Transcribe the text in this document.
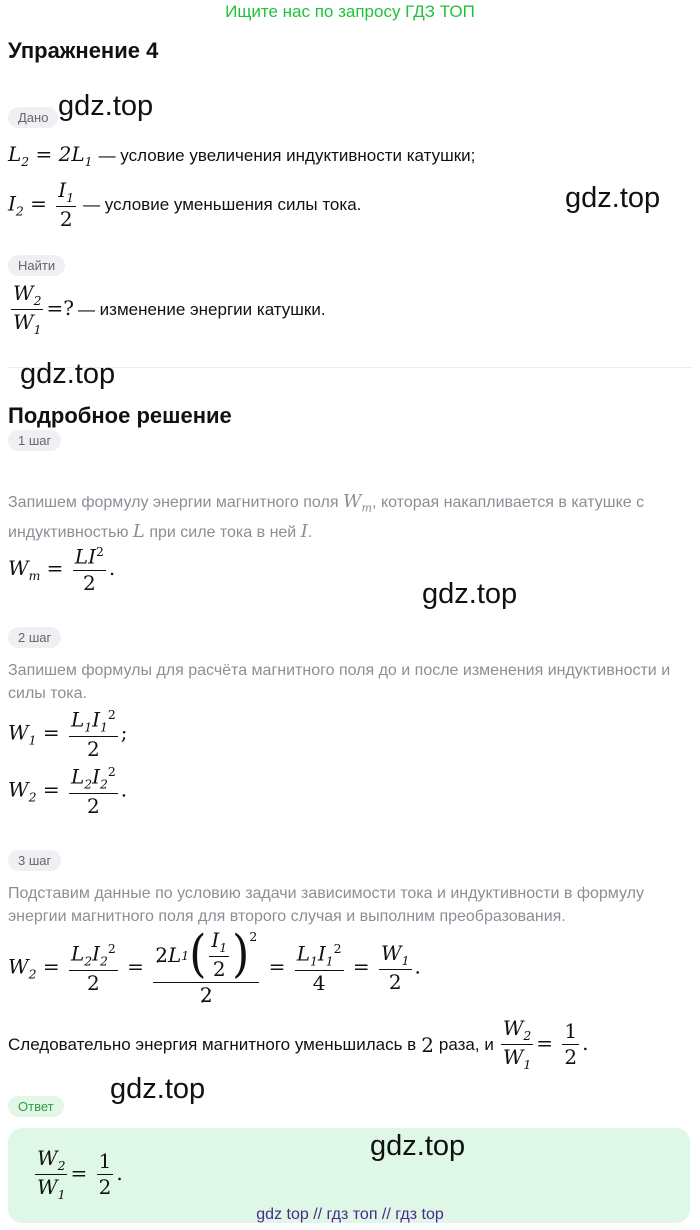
Ищите нас по запросу ГДЗ ТОП
Упражнение 4
Дано
$L_2 = 2L_1$ — условие увеличения индуктивности катушки;
$I_2 = \frac{I_1}{2}$ — условие уменьшения силы тока.
Найти
$\frac{W_2}{W_1}$ =? — изменение энергии катушки.
Подробное решение
1 шаг
Запишем формулу энергии магнитного поля $W_m$, которая накапливается в катушке с
индуктивностью L при силе тока в ней I.
$W_m = \frac{LI^2}{2}$ .
2 шаг
Запишем формулы для расчёта магнитного поля до и после изменения индуктивности и силы тока.
$W_1 = \frac{L_1I_1^2}{2}$ ;
$W_2 = \frac{L_2I_2^2}{2}$ .
3 шаг
Подставим данные по условию задачи зависимости тока и индуктивности в формулу энергии магнитного поля для второго случая и выполним преобразования.
$W_2 = \frac{L_2I_2^2}{2} = \frac{2 L 1 ( \frac{I_1}{2} )^2}{2} = \frac{L_1I_1^2}{4} = \frac{W_1}{2}$ .
Следовательно энергия магнитного уменьшилась в 2 раза, и $\frac{W_2}{W_1} = \frac{1}{2}$ .
Ответ
$\frac{W_2}{W_1} = \frac{1}{2}$ .
gdz.top
gdz.top
gdz.top
gdz.top
gdz.top
gdz.top
gdz top // гдз топ // гдз top
